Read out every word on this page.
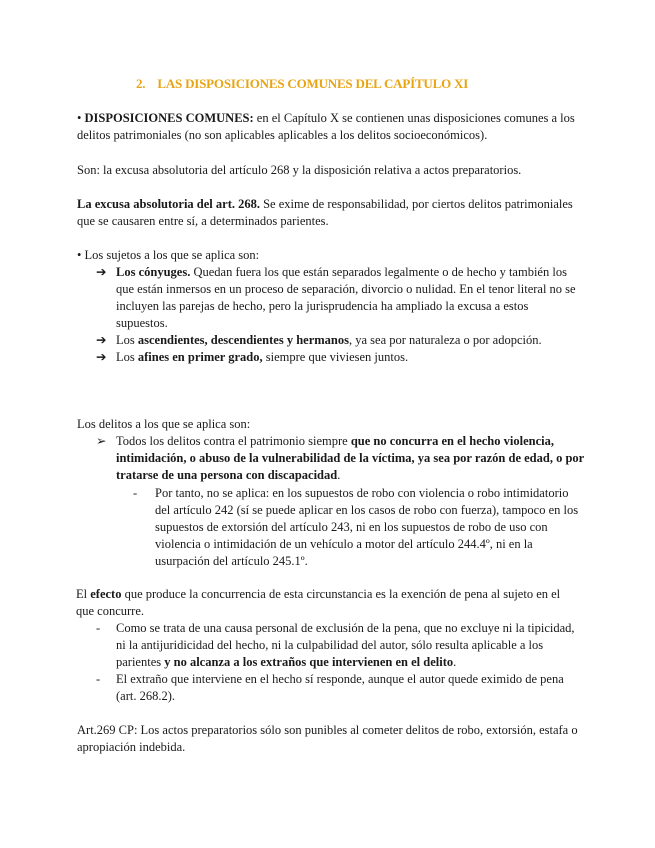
2. LAS DISPOSICIONES COMUNES DEL CAPÍTULO XI

• DISPOSICIONES COMUNES: en el Capítulo X se contienen unas disposiciones comunes a los delitos patrimoniales (no son aplicables aplicables a los delitos socioeconómicos).

Son: la excusa absolutoria del artículo 268 y la disposición relativa a actos preparatorios.

La excusa absolutoria del art. 268. Se exime de responsabilidad, por ciertos delitos patrimoniales que se causaren entre sí, a determinados parientes.

• Los sujetos a los que se aplica son:

➔ Los cónyuges. Quedan fuera los que están separados legalmente o de hecho y también los que están inmersos en un proceso de separación, divorcio o nulidad. En el tenor literal no se incluyen las parejas de hecho, pero la jurisprudencia ha ampliado la excusa a estos supuestos.
➔ Los ascendientes, descendientes y hermanos, ya sea por naturaleza o por adopción.
➔ Los afines en primer grado, siempre que viviesen juntos.

Los delitos a los que se aplica son:

➢ Todos los delitos contra el patrimonio siempre que no concurra en el hecho violencia, intimidación, o abuso de la vulnerabilidad de la víctima, ya sea por razón de edad, o por tratarse de una persona con discapacidad.
- Por tanto, no se aplica: en los supuestos de robo con violencia o robo intimidatorio del artículo 242 (sí se puede aplicar en los casos de robo con fuerza), tampoco en los supuestos de extorsión del artículo 243, ni en los supuestos de robo de uso con violencia o intimidación de un vehículo a motor del artículo 244.4º, ni en la usurpación del artículo 245.1º.

El efecto que produce la concurrencia de esta circunstancia es la exención de pena al sujeto en el que concurre.

- Como se trata de una causa personal de exclusión de la pena, que no excluye ni la tipicidad, ni la antijuridicidad del hecho, ni la culpabilidad del autor, sólo resulta aplicable a los parientes y no alcanza a los extraños que intervienen en el delito.
- El extraño que interviene en el hecho sí responde, aunque el autor quede eximido de pena (art. 268.2).

Art.269 CP: Los actos preparatorios sólo son punibles al cometer delitos de robo, extorsión, estafa o apropiación indebida.
